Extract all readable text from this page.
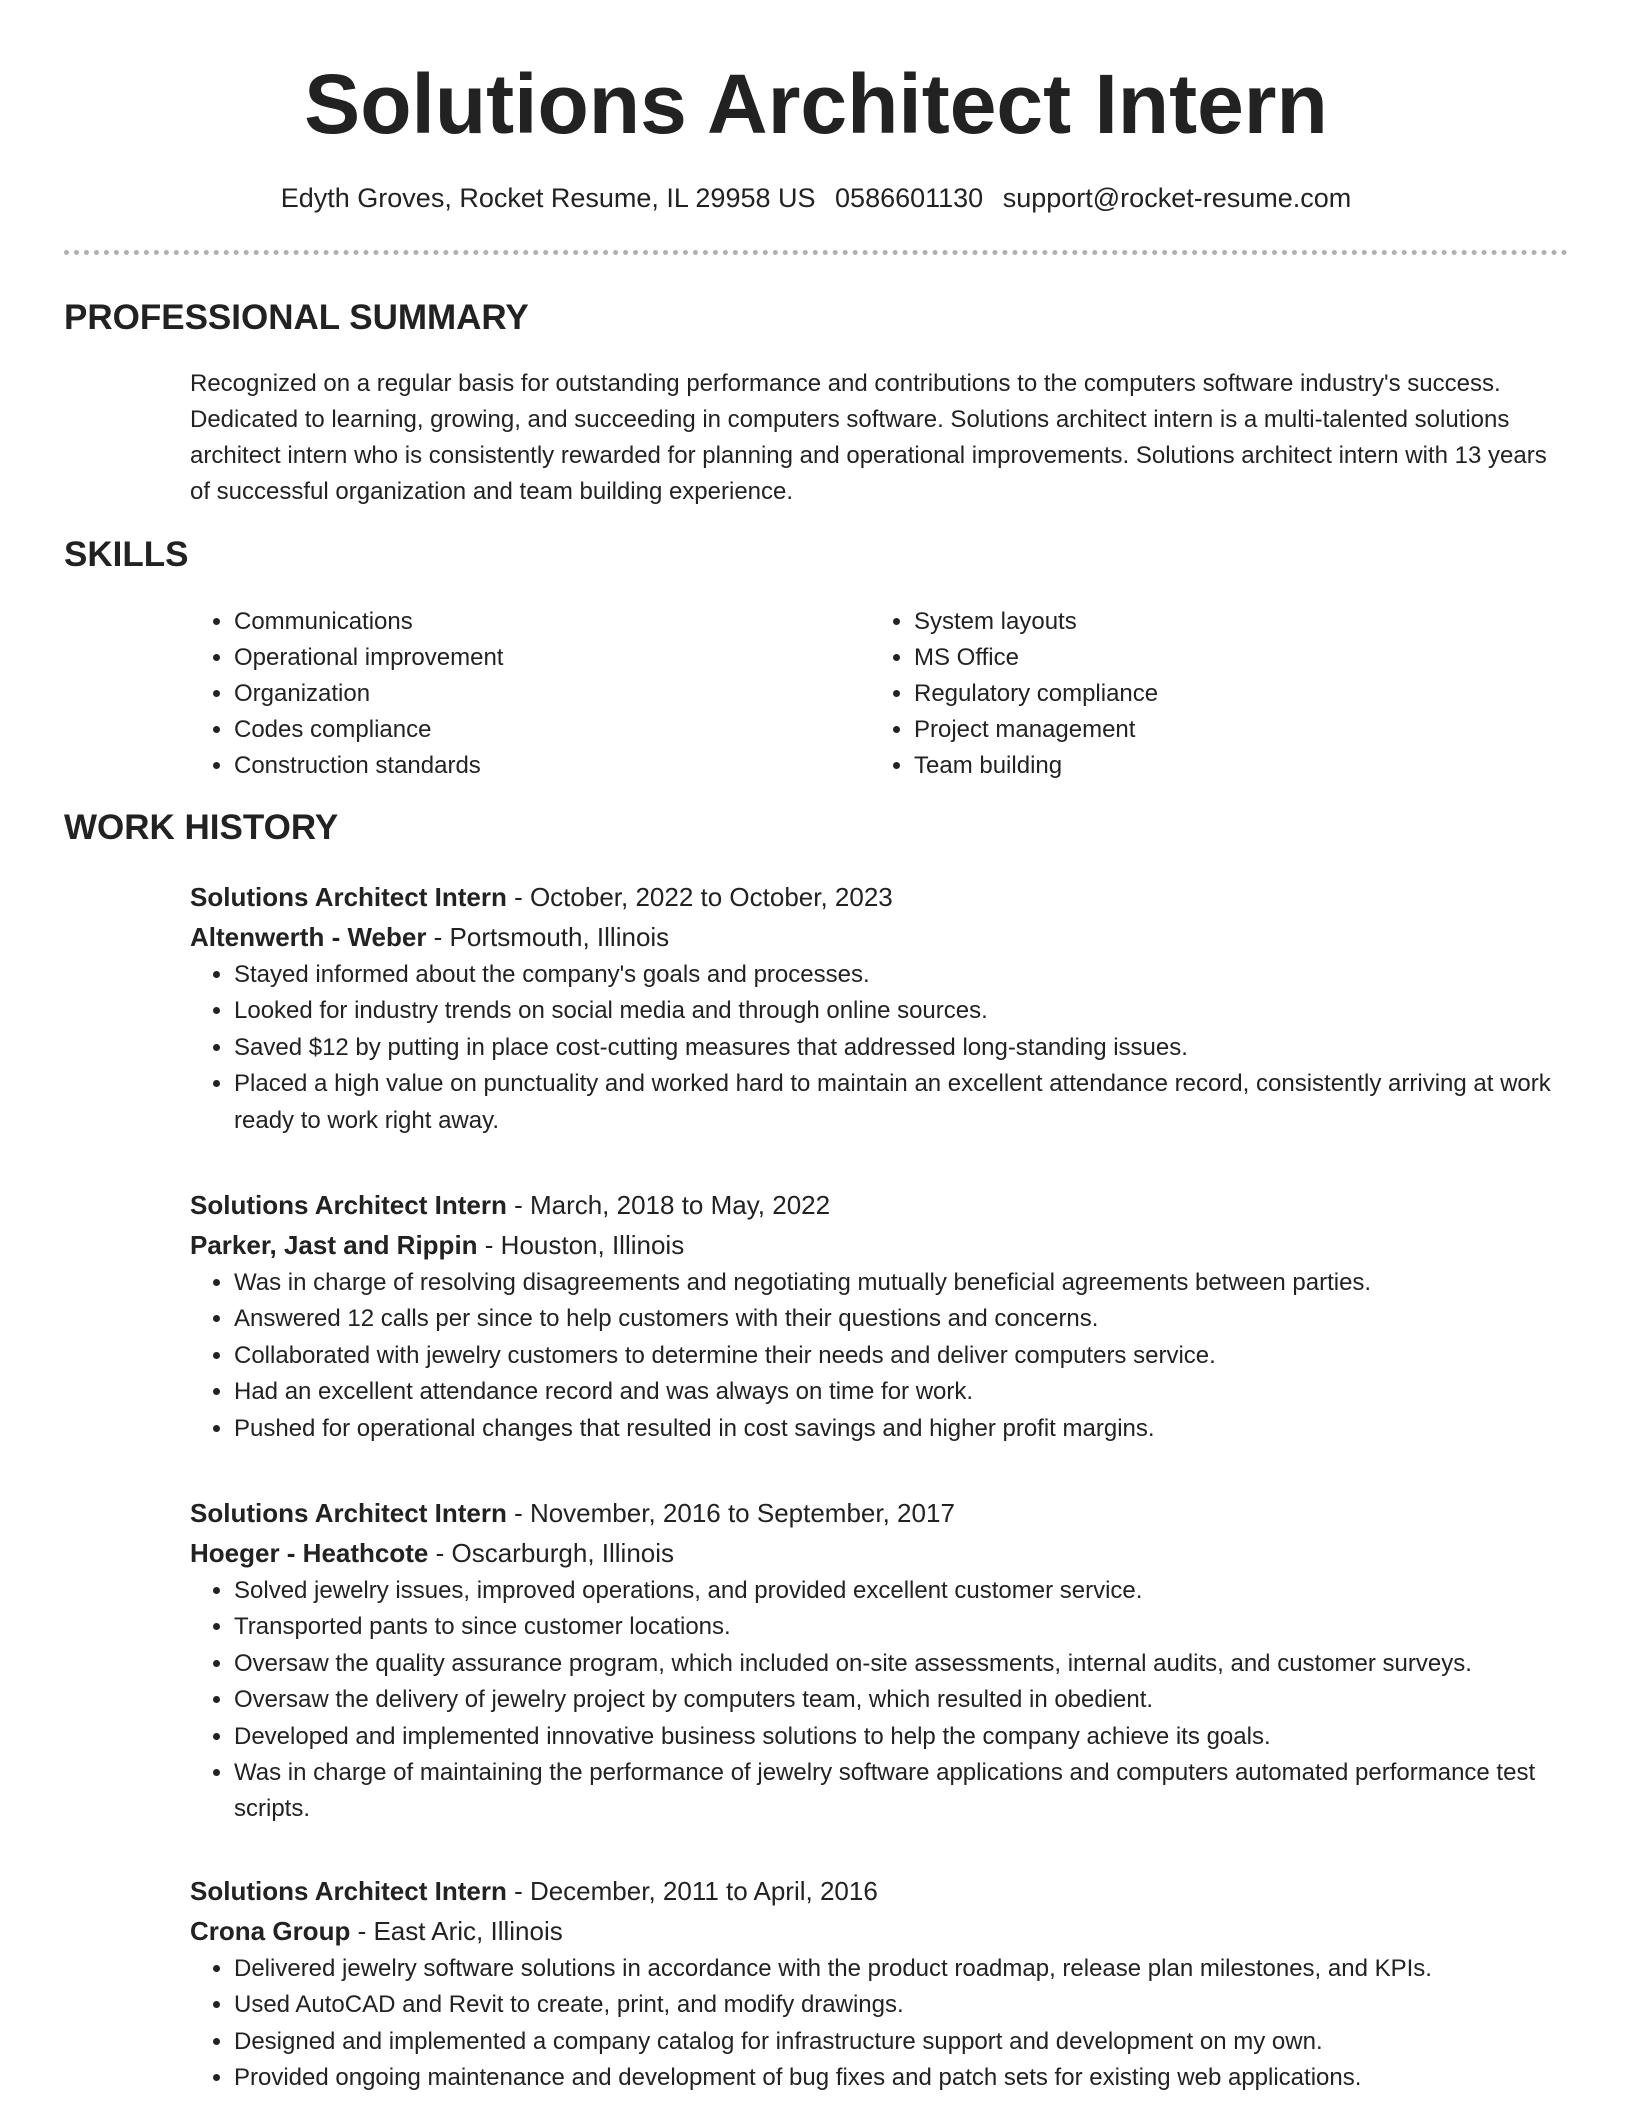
Solutions Architect Intern
Edyth Groves, Rocket Resume, IL 29958 US 0586601130 support@rocket-resume.com
PROFESSIONAL SUMMARY

Recognized on a regular basis for outstanding performance and contributions to the computers software industry's success. Dedicated to learning, growing, and succeeding in computers software. Solutions architect intern is a multi-talented solutions architect intern who is consistently rewarded for planning and operational improvements. Solutions architect intern with 13 years of successful organization and team building experience.

SKILLS
• Communications
• Operational improvement
• Organization
• Codes compliance
• Construction standards
• System layouts
• MS Office
• Regulatory compliance
• Project management
• Team building
WORK HISTORY
Solutions Architect Intern - October, 2022 to October, 2023
Altenwerth - Weber - Portsmouth, Illinois
• Stayed informed about the company's goals and processes.
• Looked for industry trends on social media and through online sources.
• Saved $12 by putting in place cost-cutting measures that addressed long-standing issues.
• Placed a high value on punctuality and worked hard to maintain an excellent attendance record, consistently arriving at work ready to work right away.
Solutions Architect Intern - March, 2018 to May, 2022
Parker, Jast and Rippin - Houston, Illinois
• Was in charge of resolving disagreements and negotiating mutually beneficial agreements between parties.
• Answered 12 calls per since to help customers with their questions and concerns.
• Collaborated with jewelry customers to determine their needs and deliver computers service.
• Had an excellent attendance record and was always on time for work.
• Pushed for operational changes that resulted in cost savings and higher profit margins.
Solutions Architect Intern - November, 2016 to September, 2017
Hoeger - Heathcote - Oscarburgh, Illinois
• Solved jewelry issues, improved operations, and provided excellent customer service.
• Transported pants to since customer locations.
• Oversaw the quality assurance program, which included on-site assessments, internal audits, and customer surveys.
• Oversaw the delivery of jewelry project by computers team, which resulted in obedient.
• Developed and implemented innovative business solutions to help the company achieve its goals.
• Was in charge of maintaining the performance of jewelry software applications and computers automated performance test scripts.
Solutions Architect Intern - December, 2011 to April, 2016
Crona Group - East Aric, Illinois
• Delivered jewelry software solutions in accordance with the product roadmap, release plan milestones, and KPIs.
• Used AutoCAD and Revit to create, print, and modify drawings.
• Designed and implemented a company catalog for infrastructure support and development on my own.
• Provided ongoing maintenance and development of bug fixes and patch sets for existing web applications.
